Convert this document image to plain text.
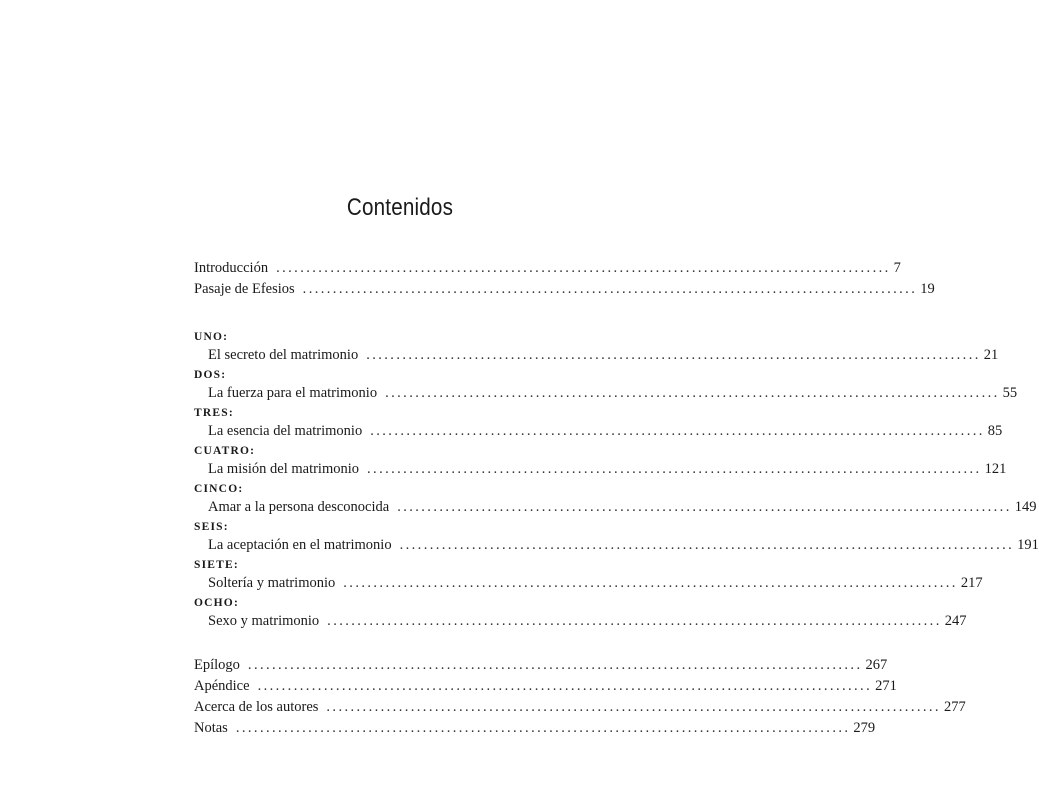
Contenidos
Introducción ...................................................................................................... 7
Pasaje de Efesios ...................................................................................................... 19
UNO:
El secreto del matrimonio ...................................................................................................... 21
DOS:
La fuerza para el matrimonio ...................................................................................................... 55
TRES:
La esencia del matrimonio ...................................................................................................... 85
CUATRO:
La misión del matrimonio ...................................................................................................... 121
CINCO:
Amar a la persona desconocida ...................................................................................................... 149
SEIS:
La aceptación en el matrimonio ...................................................................................................... 191
SIETE:
Soltería y matrimonio ...................................................................................................... 217
OCHO:
Sexo y matrimonio ...................................................................................................... 247
Epílogo ...................................................................................................... 267
Apéndice ...................................................................................................... 271
Acerca de los autores ...................................................................................................... 277
Notas ...................................................................................................... 279
